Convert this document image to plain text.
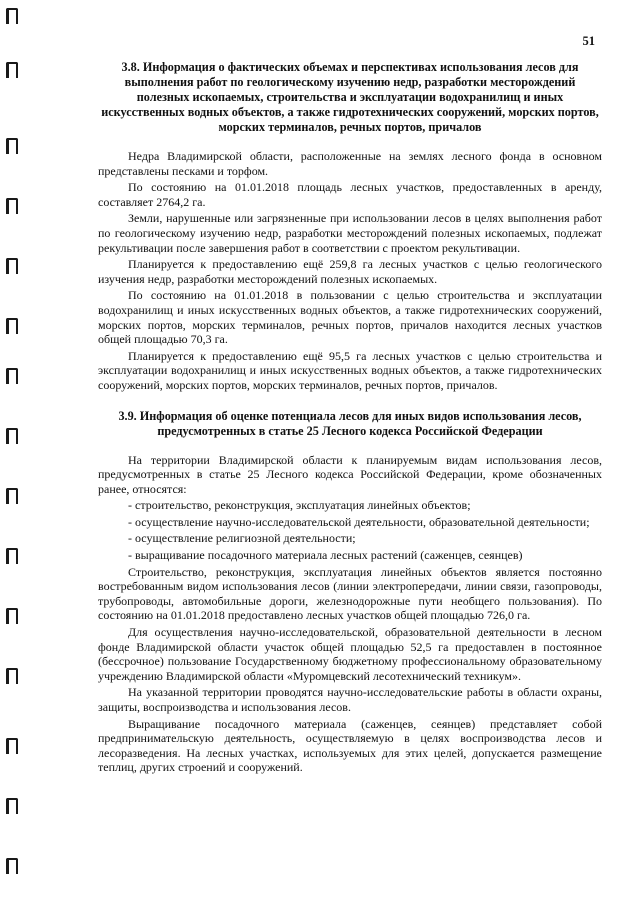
51
3.8. Информация о фактических объемах и перспективах использования лесов для выполнения работ по геологическому изучению недр, разработки месторождений полезных ископаемых, строительства и эксплуатации водохранилищ и иных искусственных водных объектов, а также гидротехнических сооружений, морских портов, морских терминалов, речных портов, причалов

Недра Владимирской области, расположенные на землях лесного фонда в основном представлены песками и торфом.

По состоянию на 01.01.2018 площадь лесных участков, предоставленных в аренду, составляет 2764,2 га.

Земли, нарушенные или загрязненные при использовании лесов в целях выполнения работ по геологическому изучению недр, разработки месторождений полезных ископаемых, подлежат рекультивации после завершения работ в соответствии с проектом рекультивации.

Планируется к предоставлению ещё 259,8 га лесных участков с целью геологического изучения недр, разработки месторождений полезных ископаемых.

По состоянию на 01.01.2018 в пользовании с целью строительства и эксплуатации водохранилищ и иных искусственных водных объектов, а также гидротехнических сооружений, морских портов, морских терминалов, речных портов, причалов находится лесных участков общей площадью 70,3 га.

Планируется к предоставлению ещё 95,5 га лесных участков с целью строительства и эксплуатации водохранилищ и иных искусственных водных объектов, а также гидротехнических сооружений, морских портов, морских терминалов, речных портов, причалов.

3.9. Информация об оценке потенциала лесов для иных видов использования лесов, предусмотренных в статье 25 Лесного кодекса Российской Федерации

На территории Владимирской области к планируемым видам использования лесов, предусмотренных в статье 25 Лесного кодекса Российской Федерации, кроме обозначенных ранее, относятся:

- строительство, реконструкция, эксплуатация линейных объектов;

- осуществление научно-исследовательской деятельности, образовательной деятельности;

- осуществление религиозной деятельности;

- выращивание посадочного материала лесных растений (саженцев, сеянцев)

Строительство, реконструкция, эксплуатация линейных объектов является постоянно востребованным видом использования лесов (линии электропередачи, линии связи, газопроводы, трубопроводы, автомобильные дороги, железнодорожные пути необщего пользования). По состоянию на 01.01.2018 предоставлено лесных участков общей площадью 726,0 га.

Для осуществления научно-исследовательской, образовательной деятельности в лесном фонде Владимирской области участок общей площадью 52,5 га предоставлен в постоянное (бессрочное) пользование Государственному бюджетному профессиональному образовательному учреждению Владимирской области «Муромцевский лесотехнический техникум».

На указанной территории проводятся научно-исследовательские работы в области охраны, защиты, воспроизводства и использования лесов.

Выращивание посадочного материала (саженцев, сеянцев) представляет собой предпринимательскую деятельность, осуществляемую в целях воспроизводства лесов и лесоразведения. На лесных участках, используемых для этих целей, допускается размещение теплиц, других строений и сооружений.
